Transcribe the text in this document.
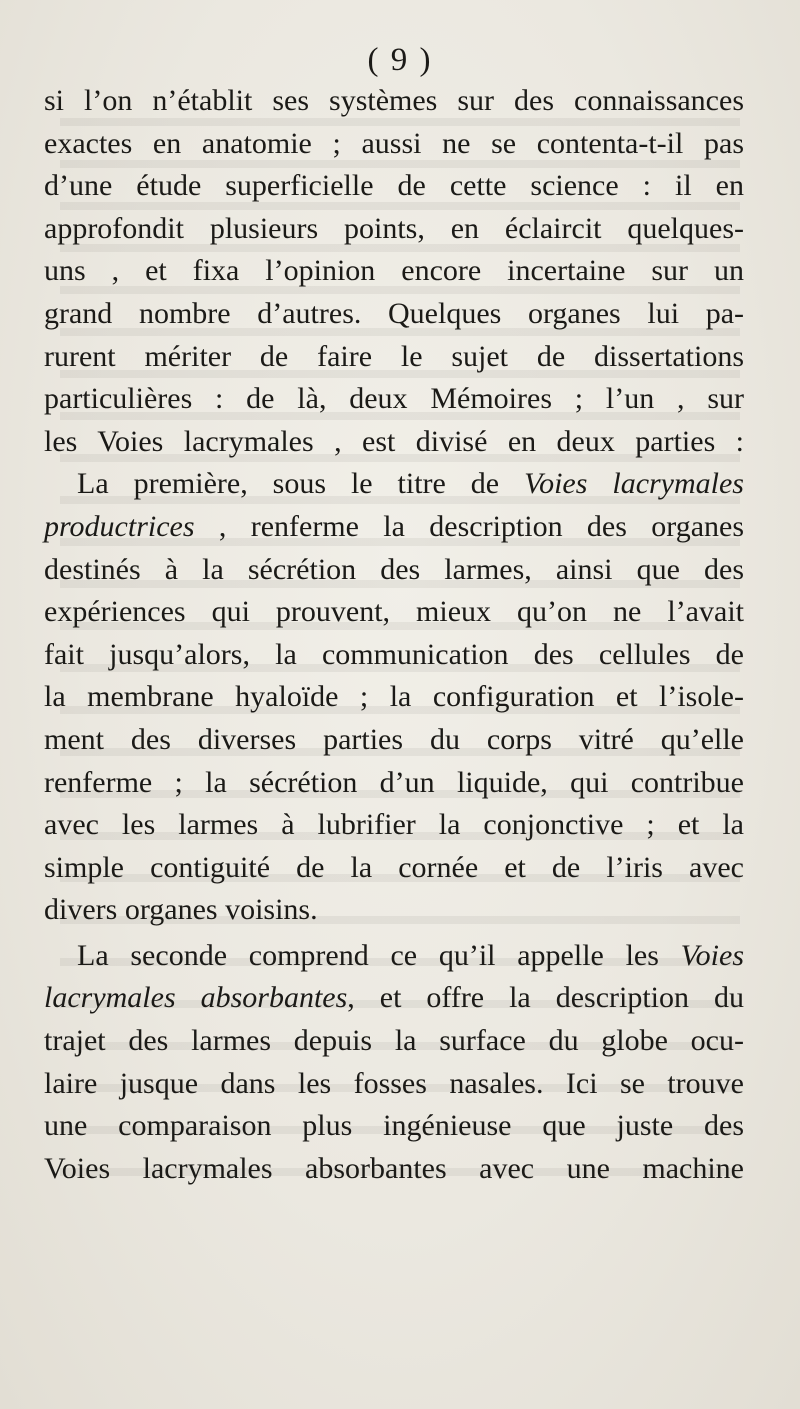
( 9 )
si l’on n’établit ses systèmes sur des connaissances
exactes en anatomie ; aussi ne se contenta-t-il pas
d’une étude superficielle de cette science : il en
approfondit plusieurs points, en éclaircit quelques-
uns , et fixa l’opinion encore incertaine sur un
grand nombre d’autres. Quelques organes lui pa-
rurent mériter de faire le sujet de dissertations
particulières : de là, deux Mémoires ; l’un , sur
les Voies lacrymales , est divisé en deux parties :
La première, sous le titre de Voies lacrymales
productrices , renferme la description des organes
destinés à la sécrétion des larmes, ainsi que des
expériences qui prouvent, mieux qu’on ne l’avait
fait jusqu’alors, la communication des cellules de
la membrane hyaloïde ; la configuration et l’isole-
ment des diverses parties du corps vitré qu’elle
renferme ; la sécrétion d’un liquide, qui contribue
avec les larmes à lubrifier la conjonctive ; et la
simple contiguité de la cornée et de l’iris avec
divers organes voisins.
La seconde comprend ce qu’il appelle les Voies
lacrymales absorbantes, et offre la description du
trajet des larmes depuis la surface du globe ocu-
laire jusque dans les fosses nasales. Ici se trouve
une comparaison plus ingénieuse que juste des
Voies lacrymales absorbantes avec une machine
